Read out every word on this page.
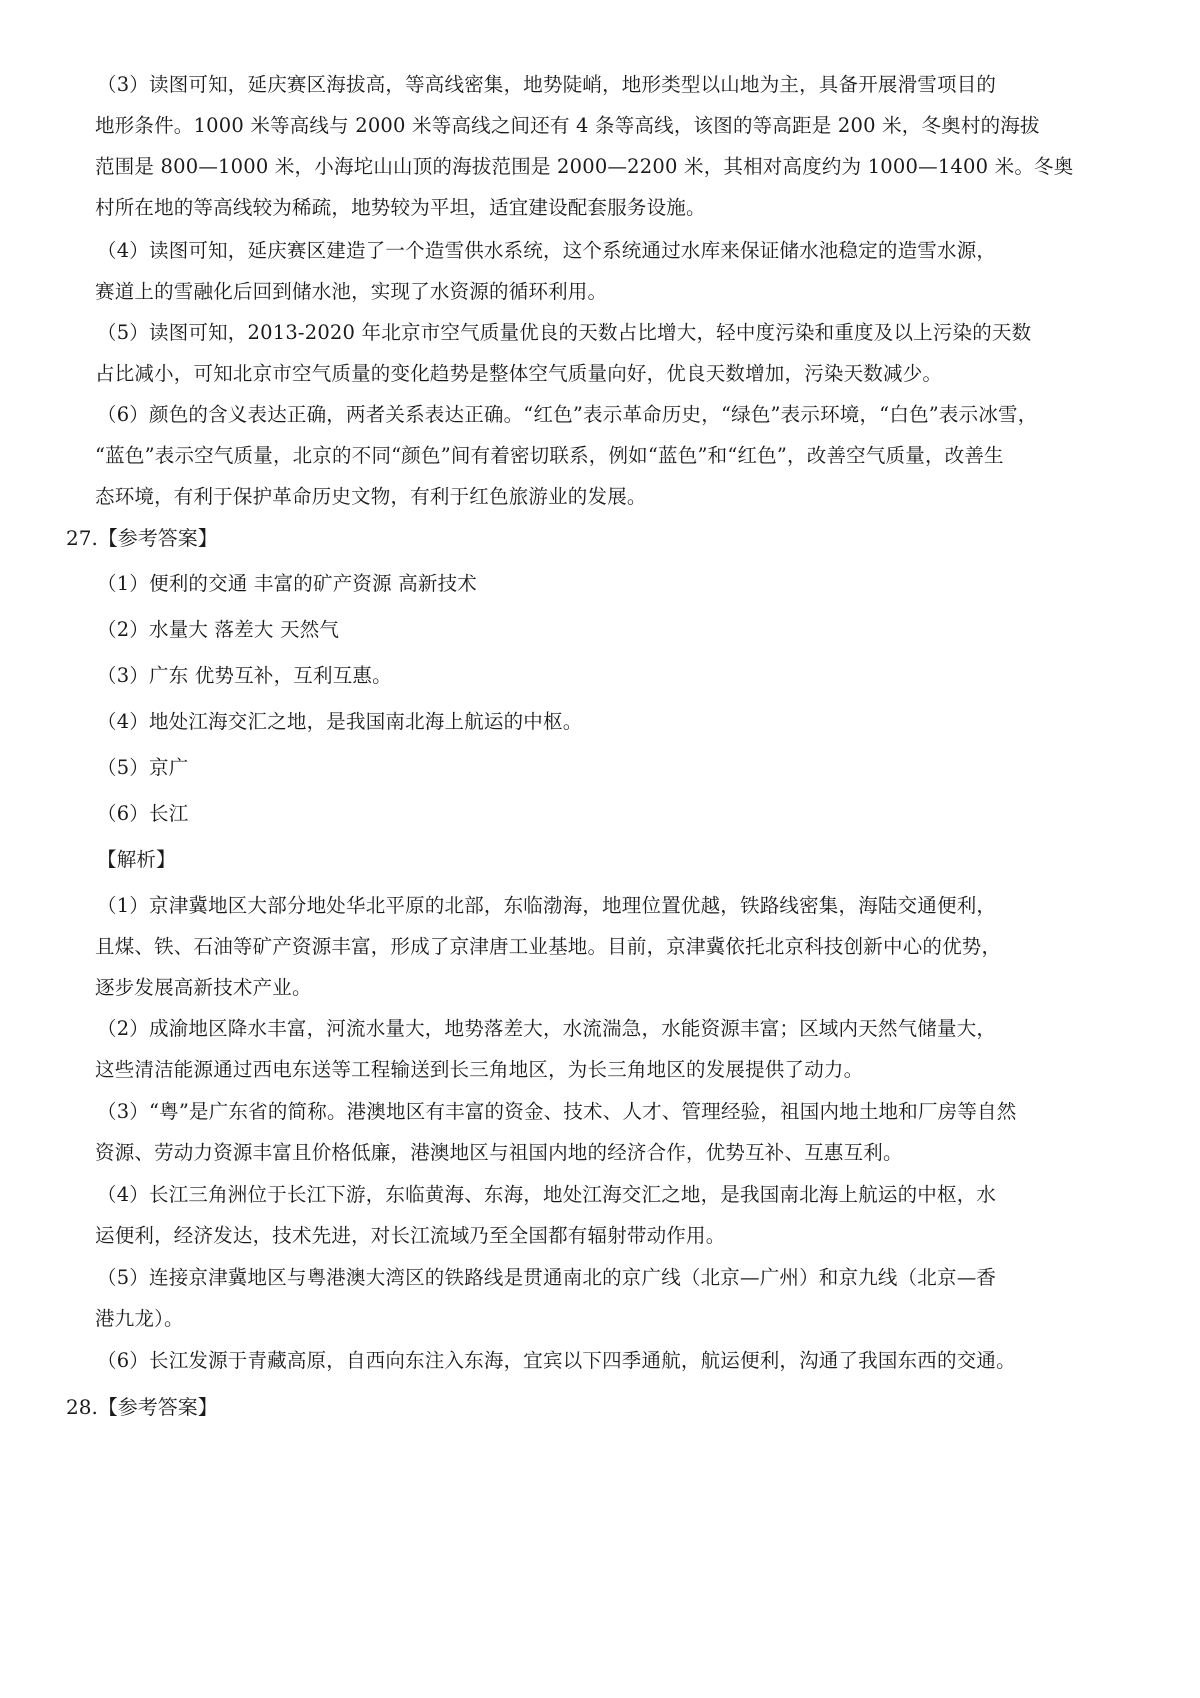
（3）读图可知，延庆赛区海拔高，等高线密集，地势陡峭，地形类型以山地为主，具备开展滑雪项目的
地形条件。1000 米等高线与 2000 米等高线之间还有 4 条等高线，该图的等高距是 200 米，冬奥村的海拔
范围是 800—1000 米，小海坨山山顶的海拔范围是 2000—2200 米，其相对高度约为 1000—1400 米。冬奥
村所在地的等高线较为稀疏，地势较为平坦，适宜建设配套服务设施。
（4）读图可知，延庆赛区建造了一个造雪供水系统，这个系统通过水库来保证储水池稳定的造雪水源，
赛道上的雪融化后回到储水池，实现了水资源的循环利用。
（5）读图可知，2013-2020 年北京市空气质量优良的天数占比增大，轻中度污染和重度及以上污染的天数
占比减小，可知北京市空气质量的变化趋势是整体空气质量向好，优良天数增加，污染天数减少。
（6）颜色的含义表达正确，两者关系表达正确。“红色”表示革命历史，“绿色”表示环境，“白色”表示冰雪，
“蓝色”表示空气质量，北京的不同“颜色”间有着密切联系，例如“蓝色”和“红色”，改善空气质量，改善生
态环境，有利于保护革命历史文物，有利于红色旅游业的发展。
27.【参考答案】
（1）便利的交通 丰富的矿产资源 高新技术
（2）水量大 落差大 天然气
（3）广东 优势互补，互利互惠。
（4）地处江海交汇之地，是我国南北海上航运的中枢。
（5）京广
（6）长江
【解析】
（1）京津冀地区大部分地处华北平原的北部，东临渤海，地理位置优越，铁路线密集，海陆交通便利，
且煤、铁、石油等矿产资源丰富，形成了京津唐工业基地。目前，京津冀依托北京科技创新中心的优势，
逐步发展高新技术产业。
（2）成渝地区降水丰富，河流水量大，地势落差大，水流湍急，水能资源丰富；区域内天然气储量大，
这些清洁能源通过西电东送等工程输送到长三角地区，为长三角地区的发展提供了动力。
（3）“粤”是广东省的简称。港澳地区有丰富的资金、技术、人才、管理经验，祖国内地土地和厂房等自然
资源、劳动力资源丰富且价格低廉，港澳地区与祖国内地的经济合作，优势互补、互惠互利。
（4）长江三角洲位于长江下游，东临黄海、东海，地处江海交汇之地，是我国南北海上航运的中枢，水
运便利，经济发达，技术先进，对长江流域乃至全国都有辐射带动作用。
（5）连接京津冀地区与粤港澳大湾区的铁路线是贯通南北的京广线（北京—广州）和京九线（北京—香
港九龙）。
（6）长江发源于青藏高原，自西向东注入东海，宜宾以下四季通航，航运便利，沟通了我国东西的交通。
28.【参考答案】
